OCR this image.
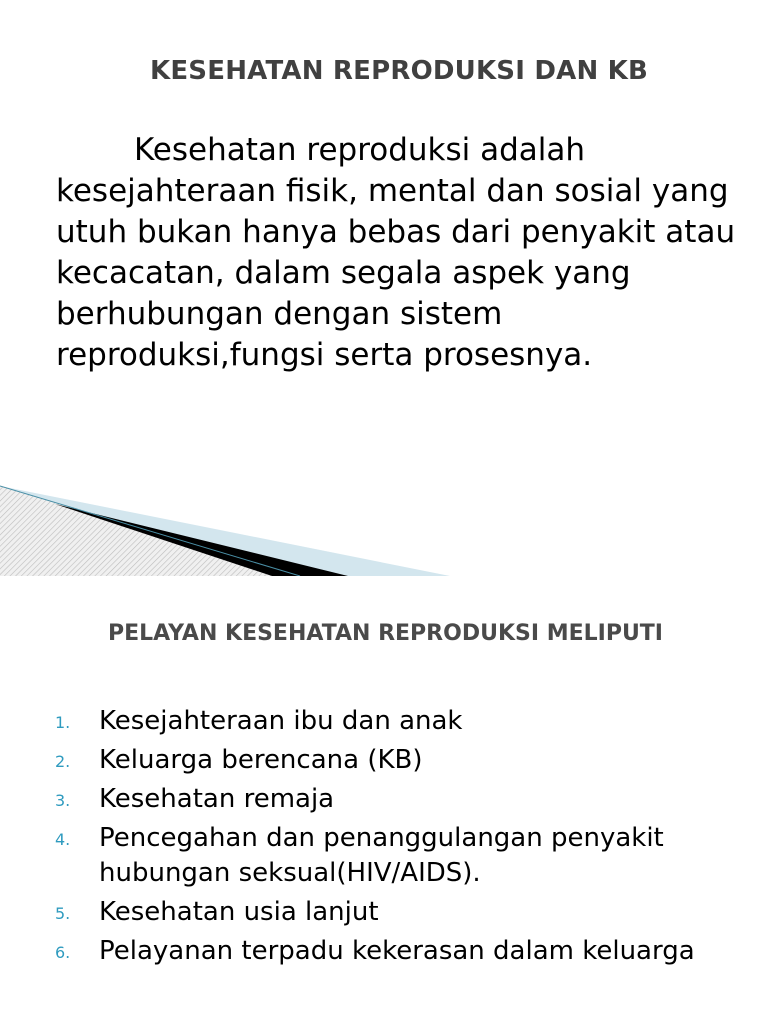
KESEHATAN REPRODUKSI DAN KB
Kesehatan reproduksi adalah kesejahteraan fisik, mental dan sosial yang utuh bukan hanya bebas dari penyakit atau kecacatan, dalam segala aspek yang berhubungan dengan sistem reproduksi,fungsi serta prosesnya.
PELAYAN KESEHATAN REPRODUKSI MELIPUTI
1. Kesejahteraan ibu dan anak
2. Keluarga berencana (KB)
3. Kesehatan remaja
4. Pencegahan dan penanggulangan penyakit hubungan seksual(HIV/AIDS).
5. Kesehatan usia lanjut
6. Pelayanan terpadu kekerasan dalam keluarga
